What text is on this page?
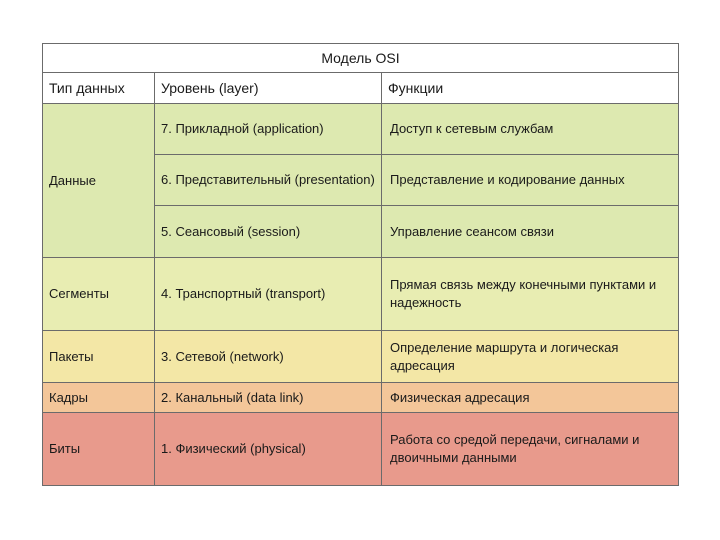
Модель OSI		
Тип данных	Уровень (layer)	Функции
Данные	7. Прикладной (application)	Доступ к сетевым службам
	6. Представительный (presentation)	Представление и кодирование данных
	5. Сеансовый (session)	Управление сеансом связи
Сегменты	4. Транспортный (transport)	Прямая связь между конечными пунктами и надежность
Пакеты	3. Сетевой (network)	Определение маршрута и логическая адресация
Кадры	2. Канальный (data link)	Физическая адресация
Биты	1. Физический (physical)	Работа со средой передачи, сигналами и двоичными данными
